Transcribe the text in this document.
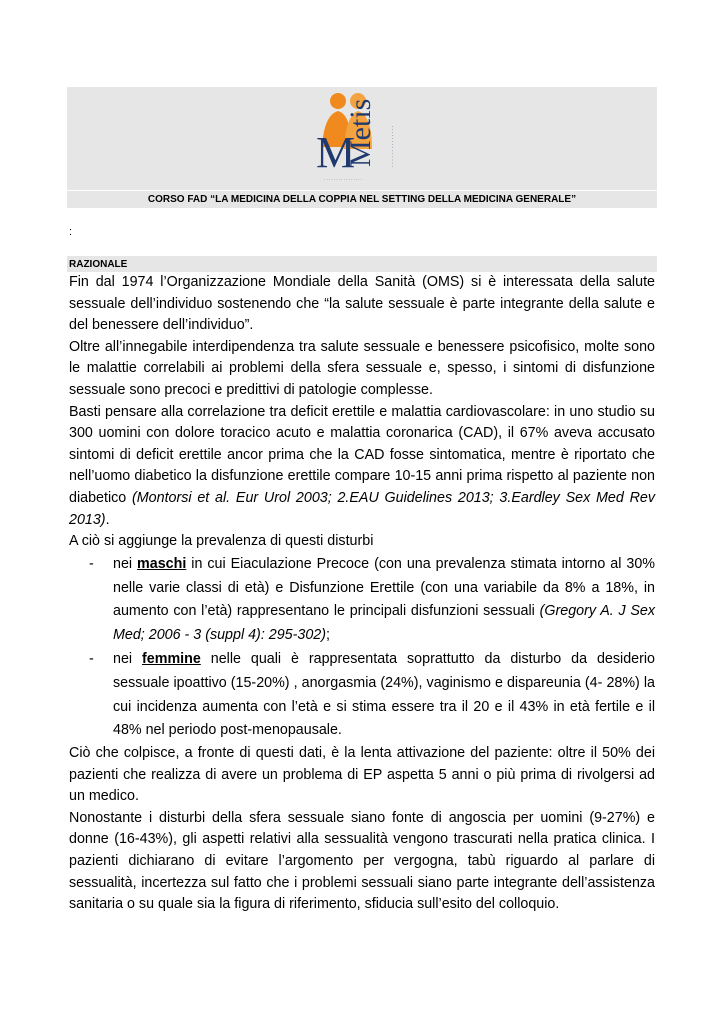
M
Metis	· · · · · · · · · · · · · ·
· · · · · · · · · · · · · · · ·
CORSO FAD “LA MEDICINA DELLA COPPIA NEL SETTING DELLA MEDICINA GENERALE”
:
RAZIONALE

Fin dal 1974 l’Organizzazione Mondiale della Sanità (OMS) si è interessata della salute sessuale dell’individuo sostenendo che “la salute sessuale è parte integrante della salute e del benessere dell’individuo”.

Oltre all’innegabile interdipendenza tra salute sessuale e benessere psicofisico, molte sono le malattie correlabili ai problemi della sfera sessuale e, spesso, i sintomi di disfunzione sessuale sono precoci e predittivi di patologie complesse.

Basti pensare alla correlazione tra deficit erettile e malattia cardiovascolare: in uno studio su 300 uomini con dolore toracico acuto e malattia coronarica (CAD), il 67% aveva accusato sintomi di deficit erettile ancor prima che la CAD fosse sintomatica, mentre è riportato che nell’uomo diabetico la disfunzione erettile compare 10-15 anni prima rispetto al paziente non diabetico (Montorsi et al. Eur Urol 2003; 2.EAU Guidelines 2013; 3.Eardley Sex Med Rev 2013).

A ciò si aggiunge la prevalenza di questi disturbi

- nei maschi in cui Eiaculazione Precoce (con una prevalenza stimata intorno al 30% nelle varie classi di età) e Disfunzione Erettile (con una variabile da 8% a 18%, in aumento con l’età) rappresentano le principali disfunzioni sessuali (Gregory A. J Sex Med; 2006 - 3 (suppl 4): 295-302);
- nei femmine nelle quali è rappresentata soprattutto da disturbo da desiderio sessuale ipoattivo (15-20%) , anorgasmia (24%), vaginismo e dispareunia (4- 28%) la cui incidenza aumenta con l’età e si stima essere tra il 20 e il 43% in età fertile e il 48% nel periodo post-menopausale.

Ciò che colpisce, a fronte di questi dati, è la lenta attivazione del paziente: oltre il 50% dei pazienti che realizza di avere un problema di EP aspetta 5 anni o più prima di rivolgersi ad un medico.

Nonostante i disturbi della sfera sessuale siano fonte di angoscia per uomini (9-27%) e donne (16-43%), gli aspetti relativi alla sessualità vengono trascurati nella pratica clinica. I pazienti dichiarano di evitare l’argomento per vergogna, tabù riguardo al parlare di sessualità, incertezza sul fatto che i problemi sessuali siano parte integrante dell’assistenza sanitaria o su quale sia la figura di riferimento, sfiducia sull’esito del colloquio.
